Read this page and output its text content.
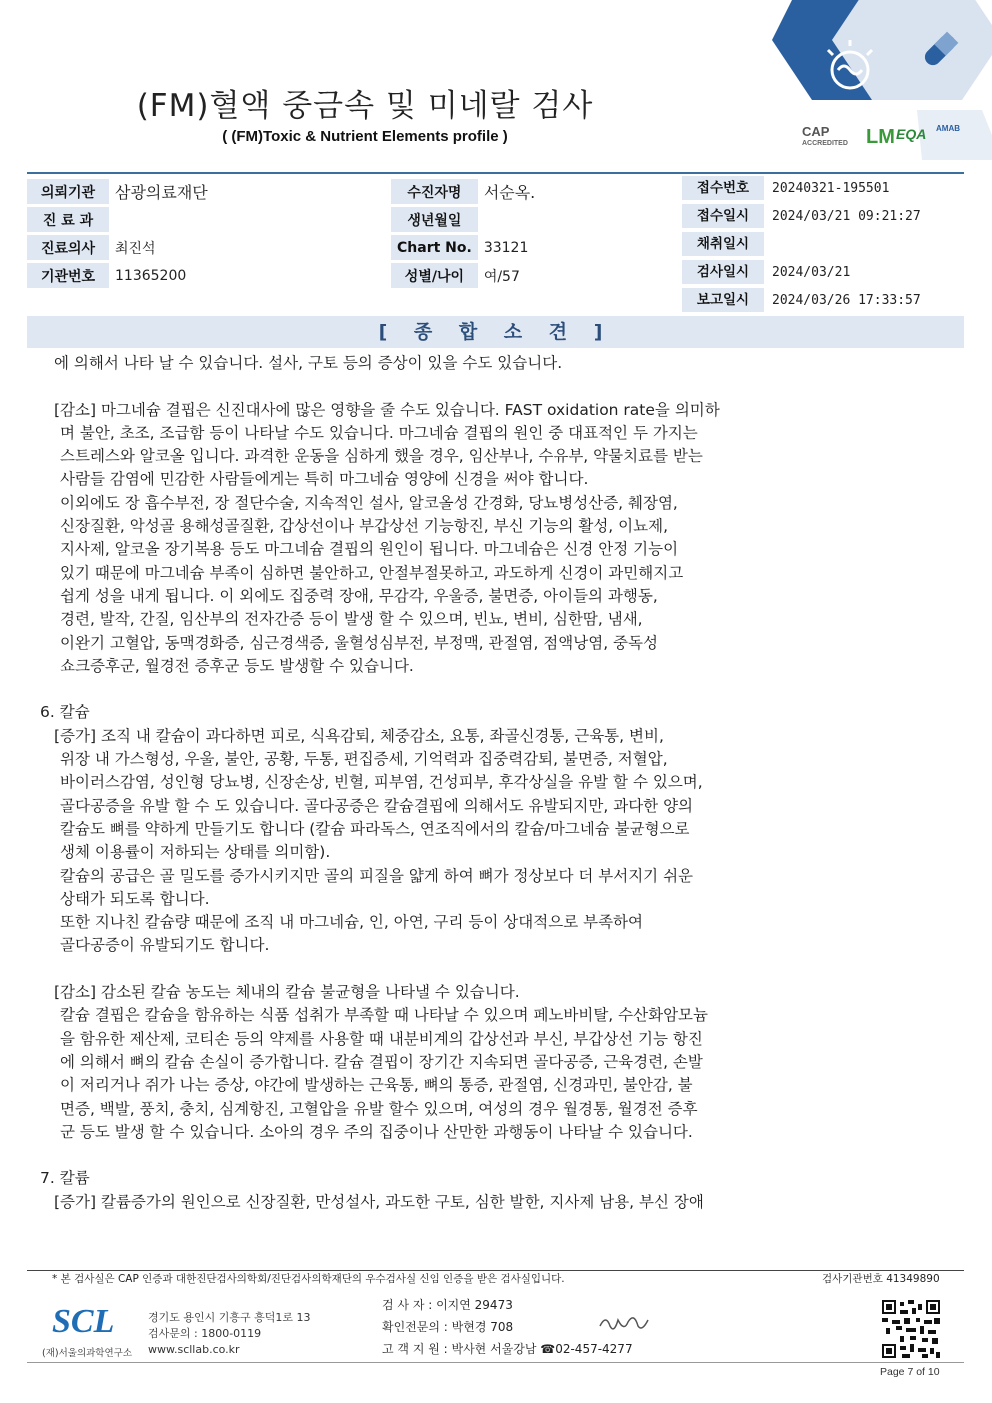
(FM)혈액 중금속 및 미네랄 검사
( (FM)Toxic & Nutrient Elements profile )	CAP
ACCREDITED LM EQA AMAB
의뢰기관	삼광의료재단	수진자명	서순옥.
진 료 과		생년월일	
진료의사	최진석	Chart No.	33121
기관번호	11365200	성별/나이	여/57
접수번호	20240321-195501
접수일시	2024/03/21 09:21:27
채취일시
검사일시	2024/03/21
보고일시	2024/03/26 17:33:57
[ 종 합 소 견 ]
에 의해서 나타 날 수 있습니다. 설사, 구토 등의 증상이 있을 수도 있습니다.
[감소] 마그네슘 결핍은 신진대사에 많은 영향을 줄 수도 있습니다. FAST oxidation rate을 의미하
며 불안, 초조, 조급함 등이 나타날 수도 있습니다. 마그네슘 결핍의 원인 중 대표적인 두 가지는
스트레스와 알코올 입니다. 과격한 운동을 심하게 했을 경우, 임산부나, 수유부, 약물치료를 받는
사람들 감염에 민감한 사람들에게는 특히 마그네슘 영양에 신경을 써야 합니다.
이외에도 장 흡수부전, 장 절단수술, 지속적인 설사, 알코올성 간경화, 당뇨병성산증, 췌장염,
신장질환, 악성골 용해성골질환, 갑상선이나 부갑상선 기능항진, 부신 기능의 활성, 이뇨제,
지사제, 알코올 장기복용 등도 마그네슘 결핍의 원인이 됩니다. 마그네슘은 신경 안정 기능이
있기 때문에 마그네슘 부족이 심하면 불안하고, 안절부절못하고, 과도하게 신경이 과민해지고
쉽게 성을 내게 됩니다. 이 외에도 집중력 장애, 무감각, 우울증, 불면증, 아이들의 과행동,
경련, 발작, 간질, 임산부의 전자간증 등이 발생 할 수 있으며, 빈뇨, 변비, 심한땀, 냄새,
이완기 고혈압, 동맥경화증, 심근경색증, 울혈성심부전, 부정맥, 관절염, 점액낭염, 중독성
쇼크증후군, 월경전 증후군 등도 발생할 수 있습니다.
6. 칼슘
[증가] 조직 내 칼슘이 과다하면 피로, 식욕감퇴, 체중감소, 요통, 좌골신경통, 근육통, 변비,
위장 내 가스형성, 우울, 불안, 공황, 두통, 편집증세, 기억력과 집중력감퇴, 불면증, 저혈압,
바이러스감염, 성인형 당뇨병, 신장손상, 빈혈, 피부염, 건성피부, 후각상실을 유발 할 수 있으며,
골다공증을 유발 할 수 도 있습니다. 골다공증은 칼슘결핍에 의해서도 유발되지만, 과다한 양의
칼슘도 뼈를 약하게 만들기도 합니다 (칼슘 파라독스, 연조직에서의 칼슘/마그네슘 불균형으로
생체 이용률이 저하되는 상태를 의미함).
칼슘의 공급은 골 밀도를 증가시키지만 골의 피질을 얇게 하여 뼈가 정상보다 더 부서지기 쉬운
상태가 되도록 합니다.
또한 지나친 칼슘량 때문에 조직 내 마그네슘, 인, 아연, 구리 등이 상대적으로 부족하여
골다공증이 유발되기도 합니다.
[감소] 감소된 칼슘 농도는 체내의 칼슘 불균형을 나타낼 수 있습니다.
칼슘 결핍은 칼슘을 함유하는 식품 섭취가 부족할 때 나타날 수 있으며 페노바비탈, 수산화암모늄
을 함유한 제산제, 코티손 등의 약제를 사용할 때 내분비계의 갑상선과 부신, 부갑상선 기능 항진
에 의해서 뼈의 칼슘 손실이 증가합니다. 칼슘 결핍이 장기간 지속되면 골다공증, 근육경련, 손발
이 저리거나 쥐가 나는 증상, 야간에 발생하는 근육통, 뼈의 통증, 관절염, 신경과민, 불안감, 불
면증, 백발, 풍치, 충치, 심계항진, 고혈압을 유발 할수 있으며, 여성의 경우 월경통, 월경전 증후
군 등도 발생 할 수 있습니다. 소아의 경우 주의 집중이나 산만한 과행동이 나타날 수 있습니다.
7. 칼륨
[증가] 칼륨증가의 원인으로 신장질환, 만성설사, 과도한 구토, 심한 발한, 지사제 남용, 부신 장애
* 본 검사실은 CAP 인증과 대한진단검사의학회/진단검사의학재단의 우수검사실 신임 인증을 받은 검사실입니다.	검사기관번호 41349890
SCL
(재)서울의과학연구소
경기도 용인시 기흥구 흥덕1로 13
검사문의 : 1800-0119
www.scllab.co.kr
검 사 자 : 이지연 29473
확인전문의 : 박현경 708
고 객 지 원 : 박사현 서울강남 ☎02-457-4277
Page 7 of 10
